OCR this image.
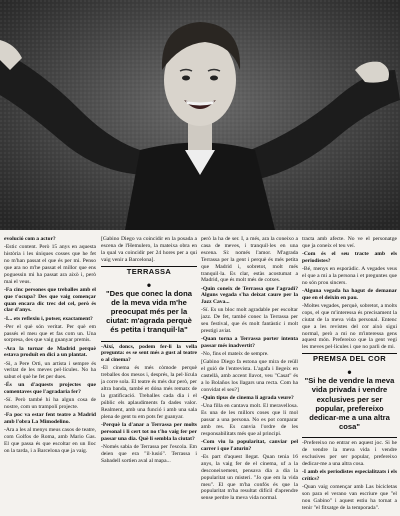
evolució com a actor?

-Estic content. Però 15 anys en aquesta història i les úniques cosses que he fet no m'han passat el que és per mi. Penso que ara no m'he passat el millor que ens poguessin mi ha passat ara això i, però mai el veus.

-Fa cinc persones que treballes amb el que t'ocupa? Des que vaig començar quan encara dic trec del cel, però és clar d'anys.

-I... ets reflexiu i, potser, exactament?

-Per el què són veritat. Per què em passés el meu que et fas com un. Una sorpresa, des que vaig guanyar premis.

-Ara la tornar de Madrid perquè estava produït en dici a un plantat.

-Si, a Pere Orti, un artista i sempre és veritat de les meves pel·lícules. No ha sabut el què he fet per dues.

-És un d'aquests projectes que comentaves que l'agradaria fer?

-Sí. Però també hi ha algun cosa de nostre, com un trampolí projecte.

-Fa poc va estar fent teatre a Madrid amb l'obra La Mimodelino.

-Ara a les al menys meus casos de teatre, com Golfos de Roma, amb Mario Gas. El que passa és que escoltar en un lloc on la tarda, i a Barcelona que ja vaig.

[Gabino Diego va coincidir en la posada a escena de l'Hemulero, la mateixa obra en la qual va coincidir per 24 hores per a qui vaig venir a Barcelona].

TERRASSA
•
"Des que conec la dona de la meva vida m'he preocupat més per la ciutat: m'agrada perquè és petita i tranquil·la"

-Així, doncs, podem fer-li la vella pregunta: es se sent més a gust al teatre o al cinema?

-El cinema és més còmode perquè treballes dos mesos i, després, la pel·lícula ja corre sola. El teatre és més dur però, per altra banda, també et dóna més rematx de la gratificació. Treballes cada dia i el públic els aplaudiments fa dades valor. Realment, amb una funció i amb una sala plena de gent tu em pots fer guanyar.

-Perquè la d'anar a Terrassa per molts personal i li cert tot no t'ho vaig fer per passar una dia. Què li sembla la ciutat?

-Només sabia de Terrassa per l'escola. Em deien que era "il·lusió". Terrassa i Sabadell sortien aval al mapa...

però la ha de ser. I, a més, ara la coneixo a casa de meves, i tranquil·les en una escena. Si: només l'amor. M'agrada Terrassa per la gent i perquè és més petita que Madrid i, sobretot, molt més tranquil·la. Es clar, estàs acostumat a Madrid, que és molt més de cotxes.

-Quin coneix de Terrassa que l'agradi? Alguns vegada s'ha deixat caure per la Jazz Cava...

-Sí. Es un bloc molt agradable per escoltar jazz. De fet, també conec la Terrassa per seu festival, que és molt fantàstic i molt prestigi aviat.

-Quan torna a Terrassa porter intenta passar més inadvertit?

-No, fins el mateix de sempre.

[Gabino Diego fa estona que mira de reüll el guió de l'entrevista. L'agafa i llegeix en castellà, amb accent llavot, veu "Casat" és a lo Bolaños los llagars una recta. Com ha convidat el seu?]

-Quin tipus de cinema li agrada veure?

-Una filla en cantava molt. El meravellosa. Es una de les millors coses que li mol passar a una persona. No es pot comparar amb res. Es canvia l'ordre de les responsabilitats més que al principi.

-Com viu la popularitat, canviar pel carrer i que l'aturin?

-Es part d'aquest llegat. Quan tenia 16 anys, la vaig fer de el cinema, uf a la desconeixement, pensava dia a dia la popularitat un misteri. "Jo que em la vida meu". El que m'ha confós és que la popularitat m'ha resultat difícil d'aprendre sense perdre la meva vida normal.

tracta amb afecte. No ve el personatge que ja coneix el teu veí.

-Com és el seu tracte amb els periodistes?

-Bé, menys en esporàdic. A vegades veus el que a mi a la persona i et preguntes que no són prou sincers.

-Alguna vegada ha hagut de demanar que en el deixin en pau.

-Moltes vegades, perquè, sobretot, a molts cops, el que m'interessa és precisament la ciutat de la meva vida personal. Entenc que a les revistes del cor això sigui normal, però a mi no m'interessa gens aquest món. Prefereixo que la gent vegi les meves pel·lícules i que no parli de mi.

PREMSA DEL COR
•
"Si he de vendre la meva vida privada i vendre exclusives per ser popular, prefereixo dedicar-me a una altra cosa"

-Prefereixo no entrar en aquest joc. Si he de vendre la meva vida i vendre exclusives per ser popular, prefereixo dedicar-me a una altra cosa.

-I amb els periodistes especialitzats i els crítics?

-Quan vaig començar amb Las bicicletas son para el verano van escriure que "el nou Gabino" i aquest estiu ha tornat a tenir "el fitxatge de la temporada".
